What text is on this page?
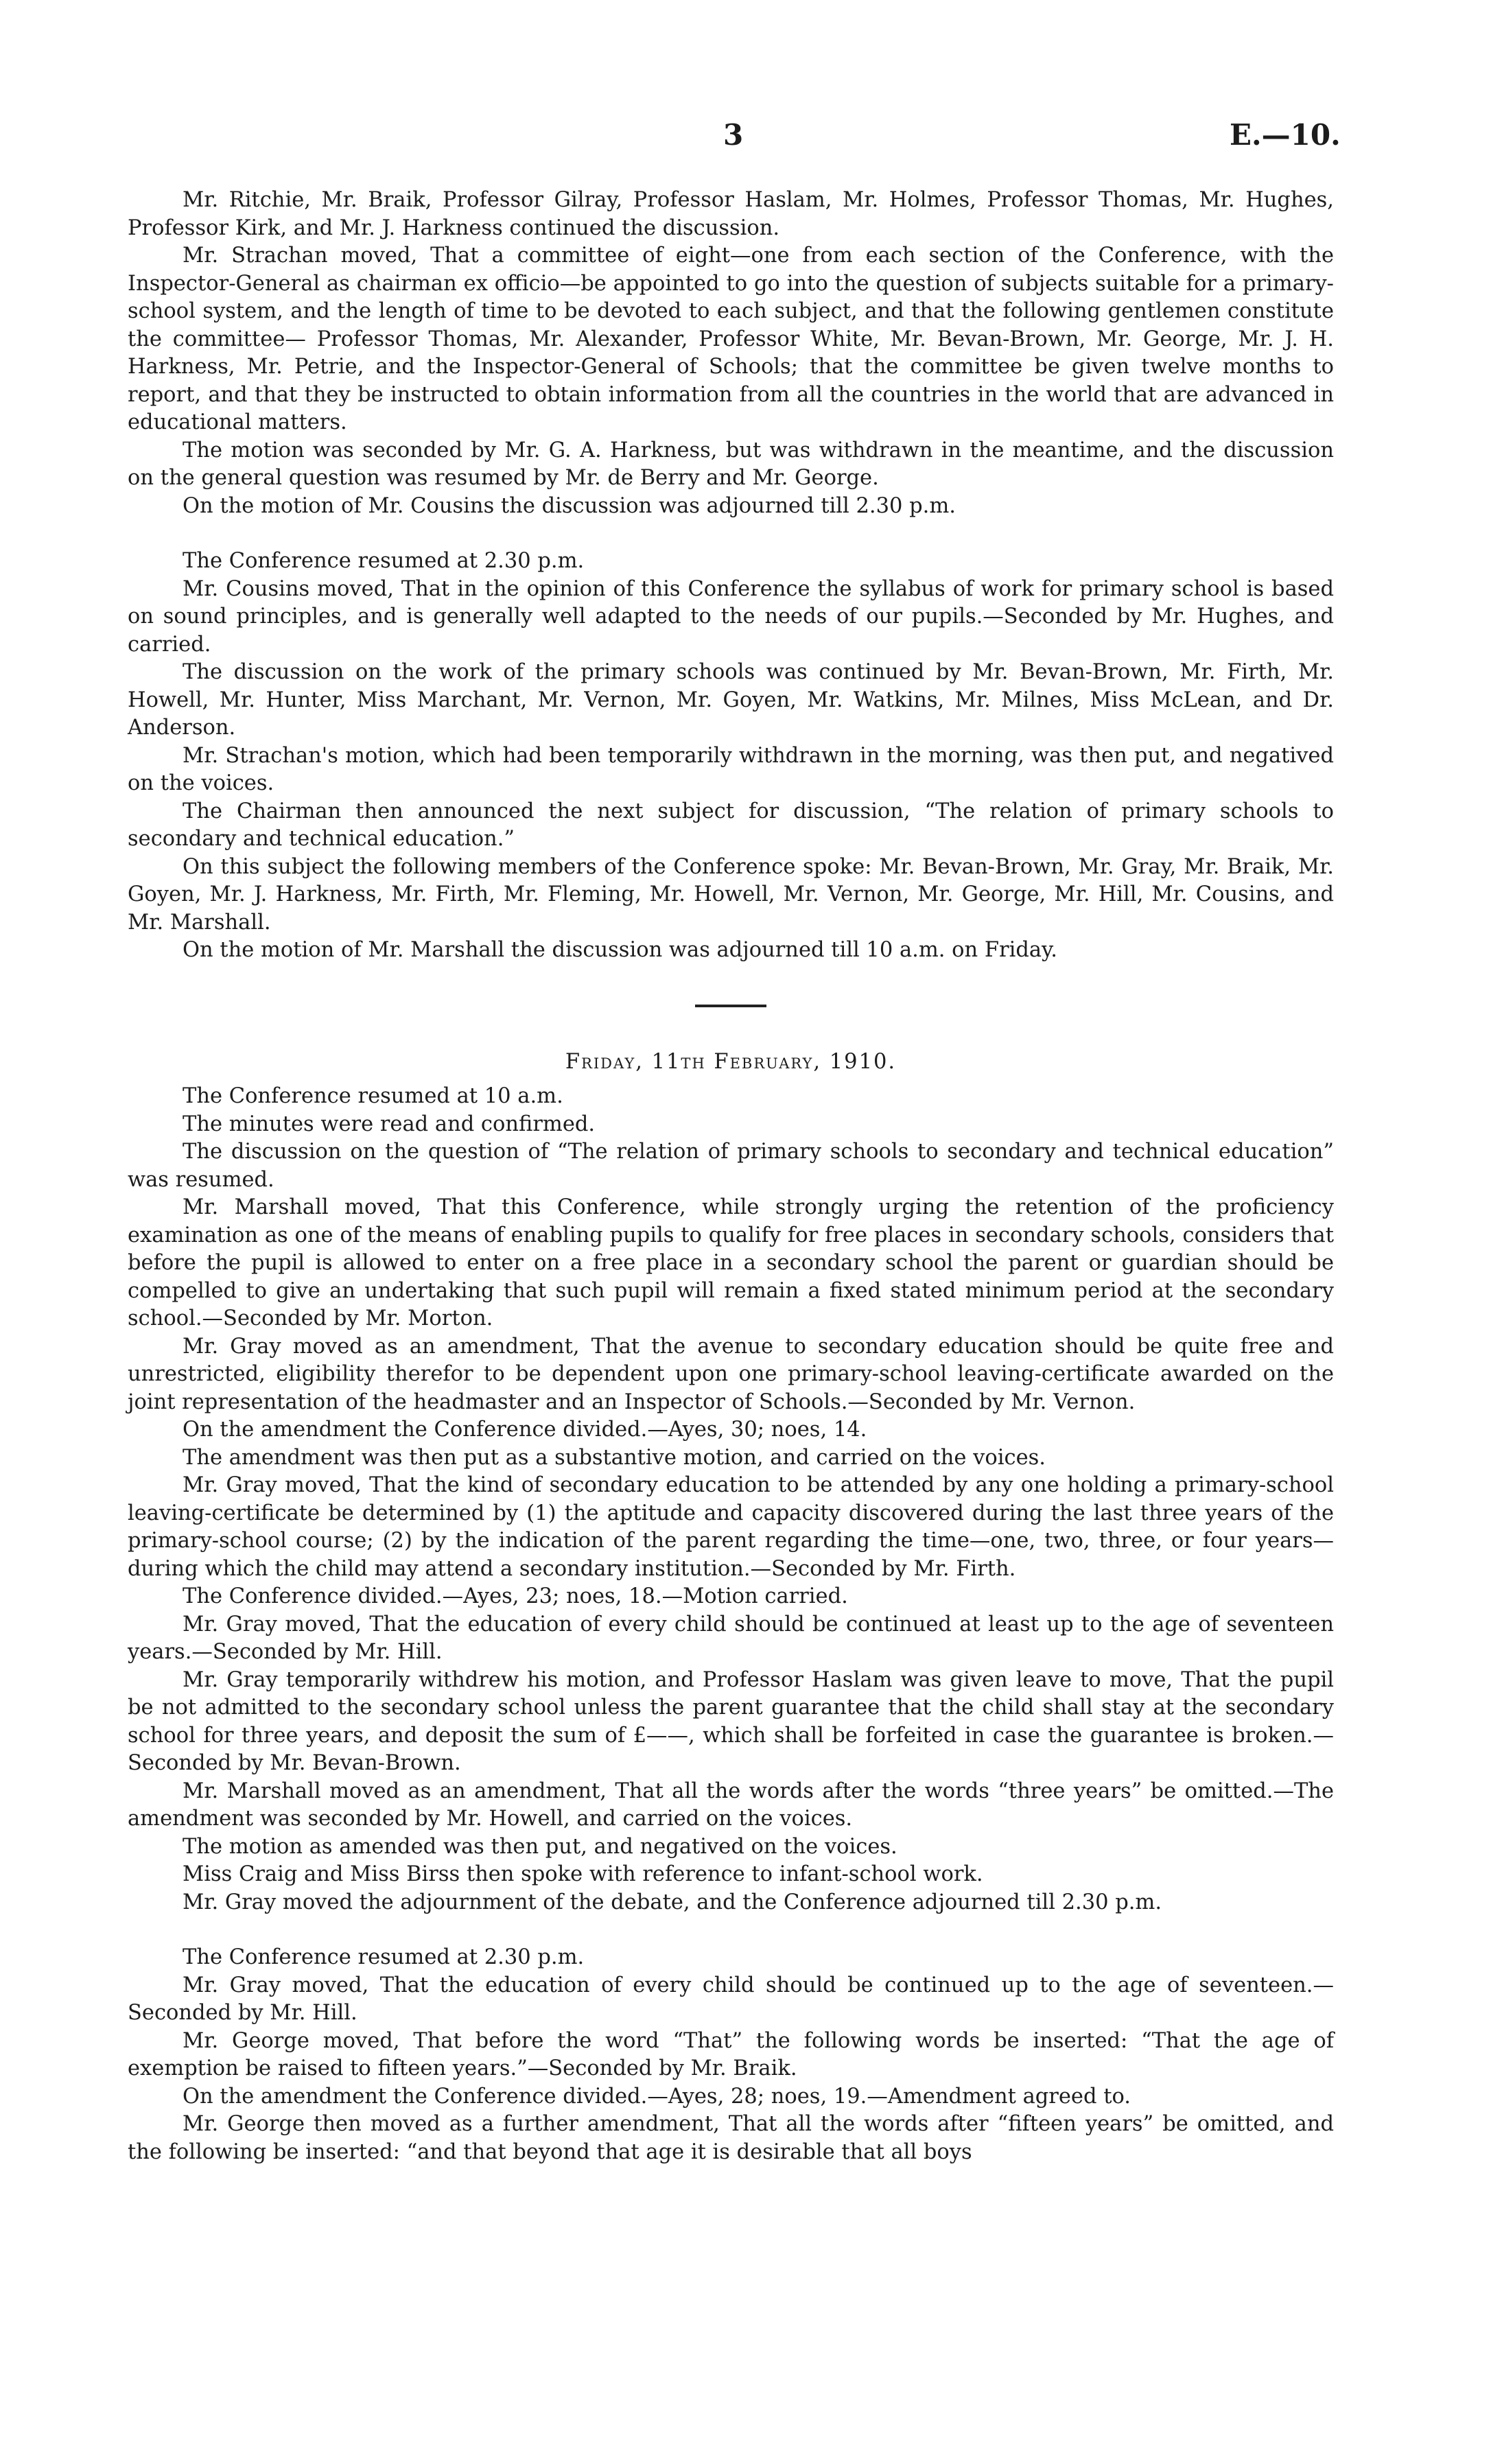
3	E.—10.

Mr. Ritchie, Mr. Braik, Professor Gilray, Professor Haslam, Mr. Holmes, Professor Thomas, Mr. Hughes, Professor Kirk, and Mr. J. Harkness continued the discussion.

Mr. Strachan moved, That a committee of eight—one from each section of the Conference, with the Inspector-General as chairman ex officio—be appointed to go into the question of subjects suitable for a primary-school system, and the length of time to be devoted to each subject, and that the following gentlemen constitute the committee— Professor Thomas, Mr. Alexander, Professor White, Mr. Bevan-Brown, Mr. George, Mr. J. H. Harkness, Mr. Petrie, and the Inspector-General of Schools; that the committee be given twelve months to report, and that they be instructed to obtain information from all the countries in the world that are advanced in educational matters.

The motion was seconded by Mr. G. A. Harkness, but was withdrawn in the meantime, and the discussion on the general question was resumed by Mr. de Berry and Mr. George.

On the motion of Mr. Cousins the discussion was adjourned till 2.30 p.m.

The Conference resumed at 2.30 p.m.

Mr. Cousins moved, That in the opinion of this Conference the syllabus of work for primary school is based on sound principles, and is generally well adapted to the needs of our pupils.—Seconded by Mr. Hughes, and carried.

The discussion on the work of the primary schools was continued by Mr. Bevan-Brown, Mr. Firth, Mr. Howell, Mr. Hunter, Miss Marchant, Mr. Vernon, Mr. Goyen, Mr. Watkins, Mr. Milnes, Miss McLean, and Dr. Anderson.

Mr. Strachan's motion, which had been temporarily withdrawn in the morning, was then put, and negatived on the voices.

The Chairman then announced the next subject for discussion, “The relation of primary schools to secondary and technical education.”

On this subject the following members of the Conference spoke: Mr. Bevan-Brown, Mr. Gray, Mr. Braik, Mr. Goyen, Mr. J. Harkness, Mr. Firth, Mr. Fleming, Mr. Howell, Mr. Vernon, Mr. George, Mr. Hill, Mr. Cousins, and Mr. Marshall.

On the motion of Mr. Marshall the discussion was adjourned till 10 a.m. on Friday.

Friday, 11th February, 1910.

The Conference resumed at 10 a.m.

The minutes were read and confirmed.

The discussion on the question of “The relation of primary schools to secondary and technical education” was resumed.

Mr. Marshall moved, That this Conference, while strongly urging the retention of the proficiency examination as one of the means of enabling pupils to qualify for free places in secondary schools, considers that before the pupil is allowed to enter on a free place in a secondary school the parent or guardian should be compelled to give an undertaking that such pupil will remain a fixed stated minimum period at the secondary school.—Seconded by Mr. Morton.

Mr. Gray moved as an amendment, That the avenue to secondary education should be quite free and unrestricted, eligibility therefor to be dependent upon one primary-school leaving-certificate awarded on the joint representation of the headmaster and an Inspector of Schools.—Seconded by Mr. Vernon.

On the amendment the Conference divided.—Ayes, 30; noes, 14.

The amendment was then put as a substantive motion, and carried on the voices.

Mr. Gray moved, That the kind of secondary education to be attended by any one holding a primary-school leaving-certificate be determined by (1) the aptitude and capacity discovered during the last three years of the primary-school course; (2) by the indication of the parent regarding the time—one, two, three, or four years—during which the child may attend a secondary institution.—Seconded by Mr. Firth.

The Conference divided.—Ayes, 23; noes, 18.—Motion carried.

Mr. Gray moved, That the education of every child should be continued at least up to the age of seventeen years.—Seconded by Mr. Hill.

Mr. Gray temporarily withdrew his motion, and Professor Haslam was given leave to move, That the pupil be not admitted to the secondary school unless the parent guarantee that the child shall stay at the secondary school for three years, and deposit the sum of £——, which shall be forfeited in case the guarantee is broken.—Seconded by Mr. Bevan-Brown.

Mr. Marshall moved as an amendment, That all the words after the words “three years” be omitted.—The amendment was seconded by Mr. Howell, and carried on the voices.

The motion as amended was then put, and negatived on the voices.

Miss Craig and Miss Birss then spoke with reference to infant-school work.

Mr. Gray moved the adjournment of the debate, and the Conference adjourned till 2.30 p.m.

The Conference resumed at 2.30 p.m.

Mr. Gray moved, That the education of every child should be continued up to the age of seventeen.—Seconded by Mr. Hill.

Mr. George moved, That before the word “That” the following words be inserted: “That the age of exemption be raised to fifteen years.”—Seconded by Mr. Braik.

On the amendment the Conference divided.—Ayes, 28; noes, 19.—Amendment agreed to.

Mr. George then moved as a further amendment, That all the words after “fifteen years” be omitted, and the following be inserted: “and that beyond that age it is desirable that all boys
